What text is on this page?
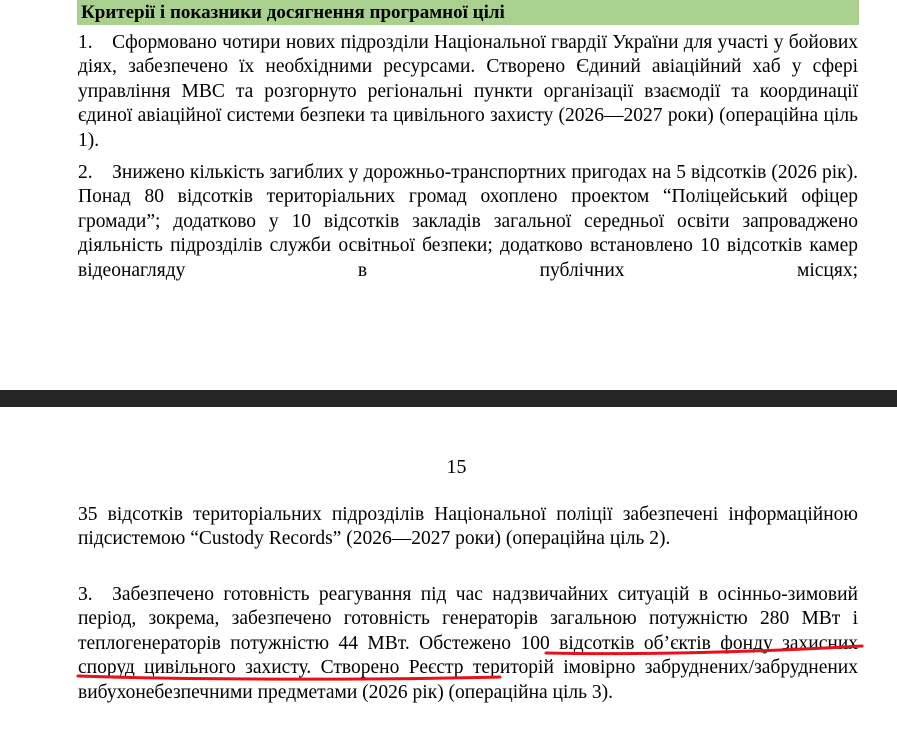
Критерії і показники досягнення програмної цілі

1. Сформовано чотири нових підрозділи Національної гвардії України для участі у бойових діях, забезпечено їх необхідними ресурсами. Створено Єдиний авіаційний хаб у сфері управління МВС та розгорнуто регіональні пункти організації взаємодії та координації єдиної авіаційної системи безпеки та цивільного захисту (2026—2027 роки) (операційна ціль 1).

2. Знижено кількість загиблих у дорожньо-транспортних пригодах на 5 відсотків (2026 рік). Понад 80 відсотків територіальних громад охоплено проектом “Поліцейський офіцер громади”; додатково у 10 відсотків закладів загальної середньої освіти запроваджено діяльність підрозділів служби освітньої безпеки; додатково встановлено 10 відсотків камер відеонагляду в публічних місцях;

15

35 відсотків територіальних підрозділів Національної поліції забезпечені інформаційною підсистемою “Custody Records” (2026—2027 роки) (операційна ціль 2).

3. Забезпечено готовність реагування під час надзвичайних ситуацій в осінньо-зимовий період, зокрема, забезпечено готовність генераторів загальною потужністю 280 МВт і теплогенераторів потужністю 44 МВт. Обстежено 100 відсотків об’єктів фонду захисних споруд цивільного захисту. Створено Реєстр територій імовірно забруднених/забруднених вибухонебезпечними предметами (2026 рік) (операційна ціль 3).
